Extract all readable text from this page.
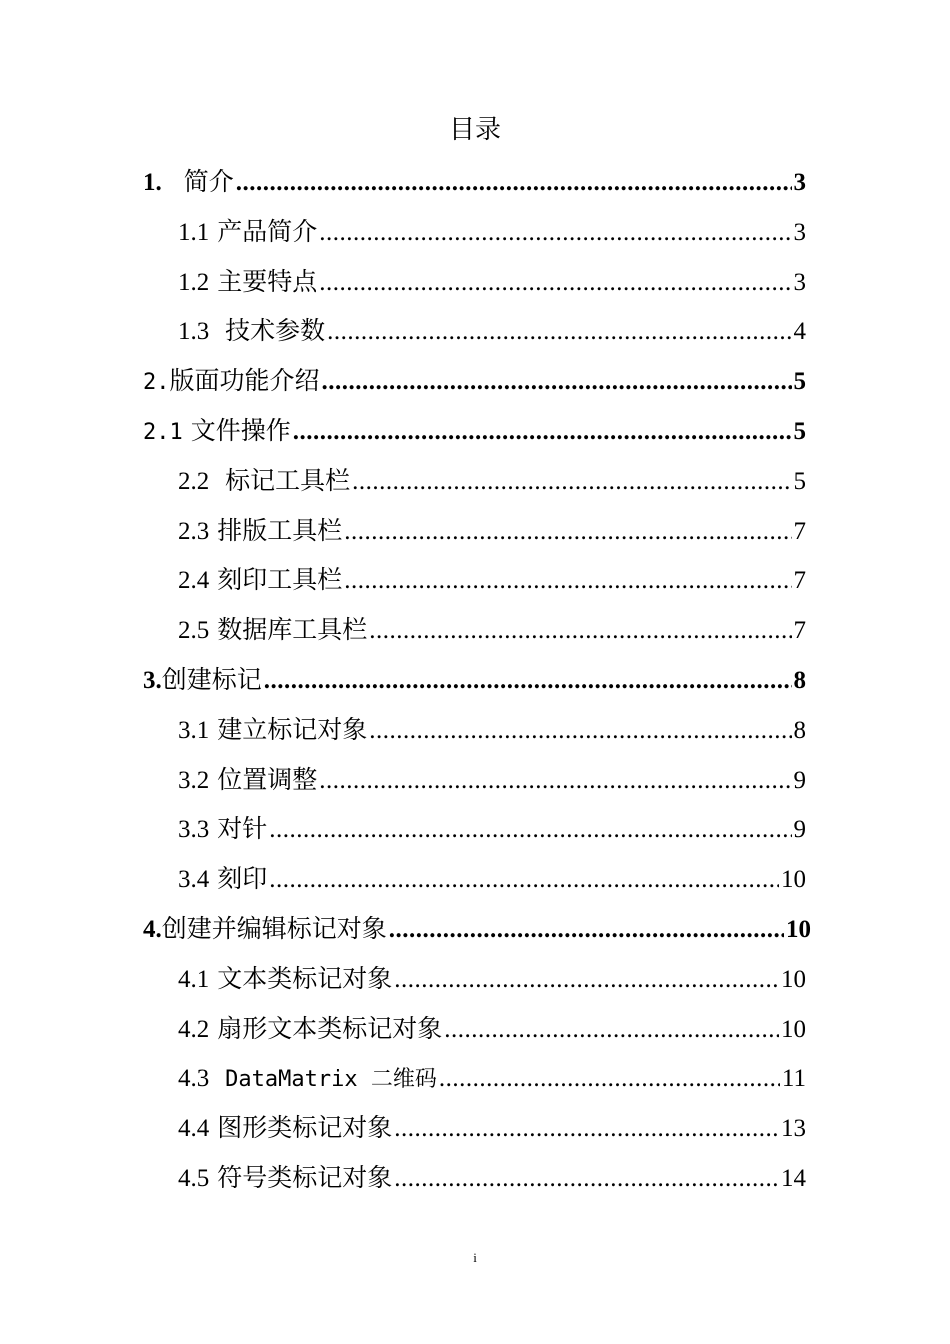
目录
1. 简介 .....	3
1.1 产品简介 .....	3
1.2 主要特点 .....	3
1.3 技术参数 .....	4
2.版面功能介绍 .....	5
2.1 文件操作 .....	5
2.2 标记工具栏 .....	5
2.3 排版工具栏 .....	7
2.4 刻印工具栏 .....	7
2.5 数据库工具栏 .....	7
3.创建标记 .....	8
3.1 建立标记对象 .....	8
3.2 位置调整 .....	9
3.3 对针 .....	9
3.4 刻印 .....	10
4.创建并编辑标记对象 .....	10
4.1 文本类标记对象 .....	10
4.2 扇形文本类标记对象 .....	10
4.3 DataMatrix 二维码 .....	11
4.4 图形类标记对象 .....	13
4.5 符号类标记对象 .....	14
i
